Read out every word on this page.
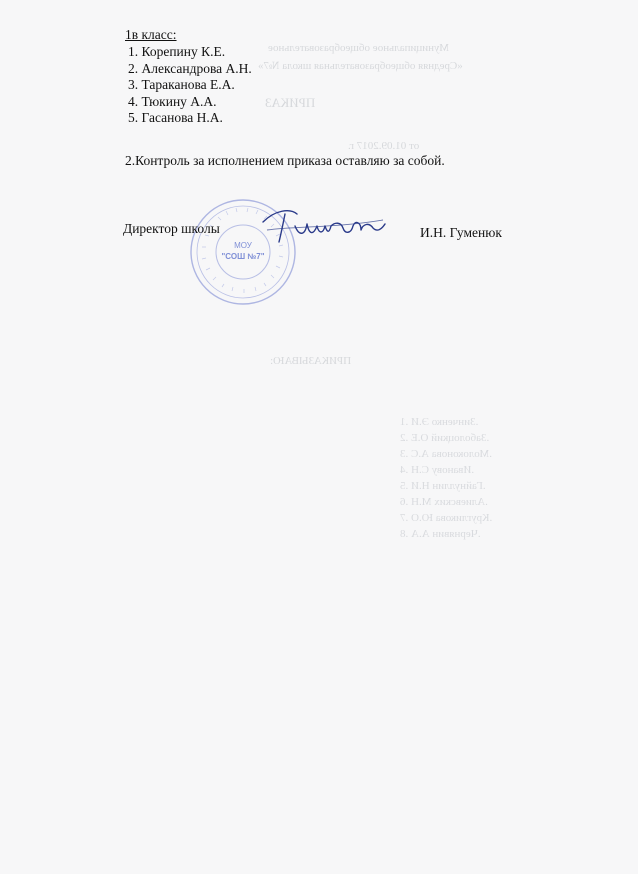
Муниципальное общеобразовательное
«Средняя общеобразовательная школа №7»
ПРИКАЗ
от 01.09.2017 г.
ПРИКАЗЫВАЮ:
1. Зинченко Э.И.
2. Заболоцкий О.Е.
3. Молоконова А.С.
4. Иванову С.Н.
5. Гайнуллин Н.И.
6. Алиевских М.Н.
7. Кругликова Ю.О.
8. Чернявин А.А.
1в класс:
1. Корепину К.Е.
2. Александрова А.Н.
3. Тараканова Е.А.
4. Тюкину А.А.
5. Гасанова Н.А.
2.Контроль за исполнением приказа оставляю за собой.
МОУ
"СОШ №7"
Директор школы	И.Н. Гуменюк
